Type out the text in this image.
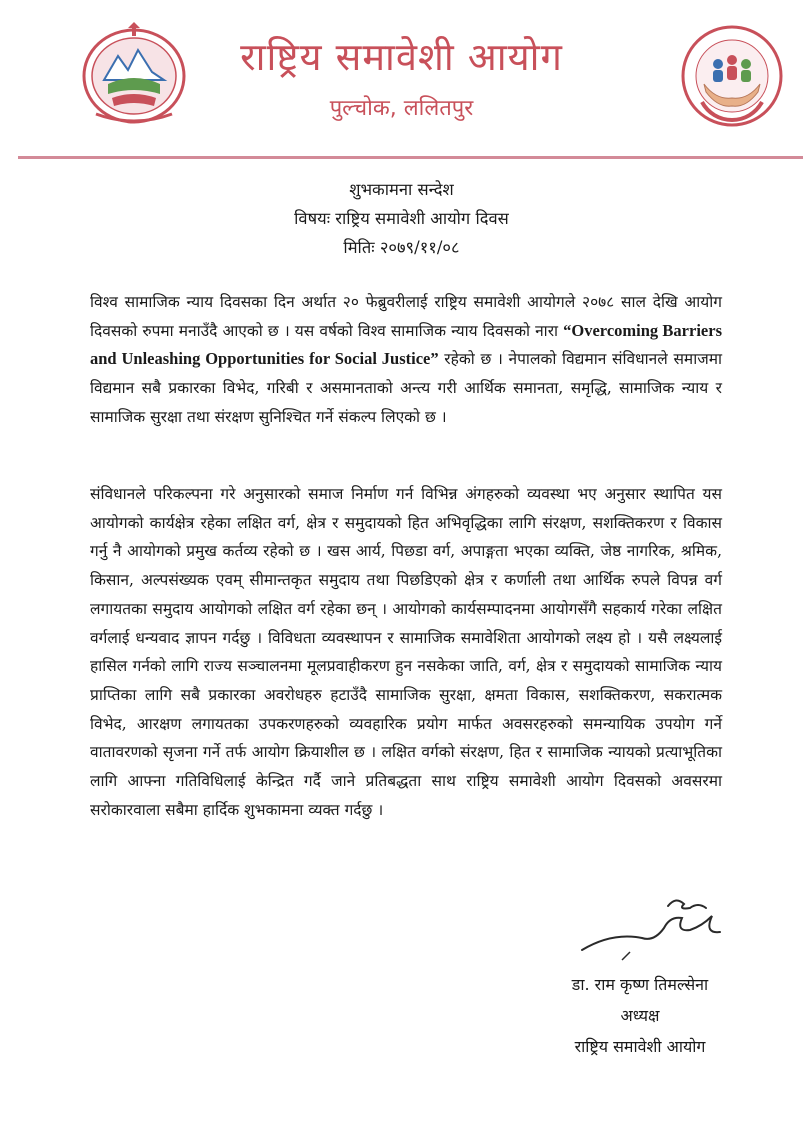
राष्ट्रिय समावेशी आयोग
पुल्चोक, ललितपुर
शुभकामना सन्देश
विषयः राष्ट्रिय समावेशी आयोग दिवस
मितिः २०७९/११/०८

विश्व सामाजिक न्याय दिवसका दिन अर्थात २० फेब्रुवरीलाई राष्ट्रिय समावेशी आयोगले २०७८ साल देखि आयोग दिवसको रुपमा मनाउँदै आएको छ । यस वर्षको विश्व सामाजिक न्याय दिवसको नारा “Overcoming Barriers and Unleashing Opportunities for Social Justice” रहेको छ । नेपालको विद्यमान संविधानले समाजमा विद्यमान सबै प्रकारका विभेद, गरिबी र असमानताको अन्त्य गरी आर्थिक समानता, समृद्धि, सामाजिक न्याय र सामाजिक सुरक्षा तथा संरक्षण सुनिश्चित गर्ने संकल्प लिएको छ ।

संविधानले परिकल्पना गरे अनुसारको समाज निर्माण गर्न विभिन्न अंगहरुको व्यवस्था भए अनुसार स्थापित यस आयोगको कार्यक्षेत्र रहेका लक्षित वर्ग, क्षेत्र र समुदायको हित अभिवृद्धिका लागि संरक्षण, सशक्तिकरण र विकास गर्नु नै आयोगको प्रमुख कर्तव्य रहेको छ । खस आर्य, पिछडा वर्ग, अपाङ्गता भएका व्यक्ति, जेष्ठ नागरिक, श्रमिक, किसान, अल्पसंख्यक एवम् सीमान्तकृत समुदाय तथा पिछडिएको क्षेत्र र कर्णाली तथा आर्थिक रुपले विपन्न वर्ग लगायतका समुदाय आयोगको लक्षित वर्ग रहेका छन् । आयोगको कार्यसम्पादनमा आयोगसँगै सहकार्य गरेका लक्षित वर्गलाई धन्यवाद ज्ञापन गर्दछु । विविधता व्यवस्थापन र सामाजिक समावेशिता आयोगको लक्ष्य हो । यसै लक्ष्यलाई हासिल गर्नको लागि राज्य सञ्चालनमा मूलप्रवाहीकरण हुन नसकेका जाति, वर्ग, क्षेत्र र समुदायको सामाजिक न्याय प्राप्तिका लागि सबै प्रकारका अवरोधहरु हटाउँदै सामाजिक सुरक्षा, क्षमता विकास, सशक्तिकरण, सकरात्मक विभेद, आरक्षण लगायतका उपकरणहरुको व्यवहारिक प्रयोग मार्फत अवसरहरुको समन्यायिक उपयोग गर्ने वातावरणको सृजना गर्ने तर्फ आयोग क्रियाशील छ । लक्षित वर्गको संरक्षण, हित र सामाजिक न्यायको प्रत्याभूतिका लागि आफ्ना गतिविधिलाई केन्द्रित गर्दै जाने प्रतिबद्धता साथ राष्ट्रिय समावेशी आयोग दिवसको अवसरमा सरोकारवाला सबैमा हार्दिक शुभकामना व्यक्त गर्दछु ।

डा. राम कृष्ण तिमल्सेना
अध्यक्ष
राष्ट्रिय समावेशी आयोग
